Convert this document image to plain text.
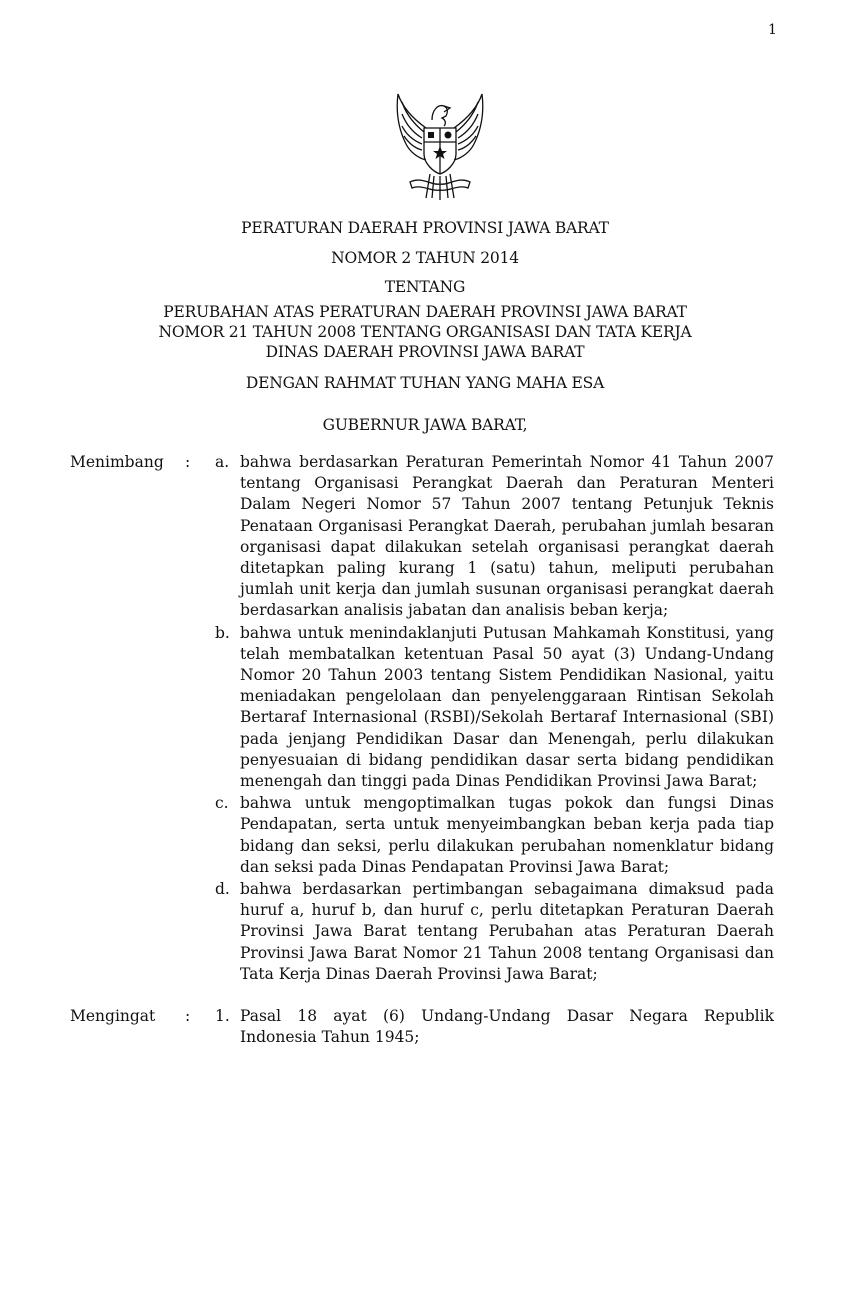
1
PERATURAN DAERAH PROVINSI JAWA BARAT
NOMOR 2 TAHUN 2014
TENTANG
PERUBAHAN ATAS PERATURAN DAERAH PROVINSI JAWA BARAT
NOMOR 21 TAHUN 2008 TENTANG ORGANISASI DAN TATA KERJA
DINAS DAERAH PROVINSI JAWA BARAT
DENGAN RAHMAT TUHAN YANG MAHA ESA
GUBERNUR JAWA BARAT,
Menimbang : a. bahwa berdasarkan Peraturan Pemerintah Nomor 41 Tahun 2007 tentang Organisasi Perangkat Daerah dan Peraturan Menteri Dalam Negeri Nomor 57 Tahun 2007 tentang Petunjuk Teknis Penataan Organisasi Perangkat Daerah, perubahan jumlah besaran organisasi dapat dilakukan setelah organisasi perangkat daerah ditetapkan paling kurang 1 (satu) tahun, meliputi perubahan jumlah unit kerja dan jumlah susunan organisasi perangkat daerah berdasarkan analisis jabatan dan analisis beban kerja;
b. bahwa untuk menindaklanjuti Putusan Mahkamah Konstitusi, yang telah membatalkan ketentuan Pasal 50 ayat (3) Undang-Undang Nomor 20 Tahun 2003 tentang Sistem Pendidikan Nasional, yaitu meniadakan pengelolaan dan penyelenggaraan Rintisan Sekolah Bertaraf Internasional (RSBI)/Sekolah Bertaraf Internasional (SBI) pada jenjang Pendidikan Dasar dan Menengah, perlu dilakukan penyesuaian di bidang pendidikan dasar serta bidang pendidikan menengah dan tinggi pada Dinas Pendidikan Provinsi Jawa Barat;
c. bahwa untuk mengoptimalkan tugas pokok dan fungsi Dinas Pendapatan, serta untuk menyeimbangkan beban kerja pada tiap bidang dan seksi, perlu dilakukan perubahan nomenklatur bidang dan seksi pada Dinas Pendapatan Provinsi Jawa Barat;
d. bahwa berdasarkan pertimbangan sebagaimana dimaksud pada huruf a, huruf b, dan huruf c, perlu ditetapkan Peraturan Daerah Provinsi Jawa Barat tentang Perubahan atas Peraturan Daerah Provinsi Jawa Barat Nomor 21 Tahun 2008 tentang Organisasi dan Tata Kerja Dinas Daerah Provinsi Jawa Barat;
Mengingat : 1. Pasal 18 ayat (6) Undang-Undang Dasar Negara Republik Indonesia Tahun 1945;
